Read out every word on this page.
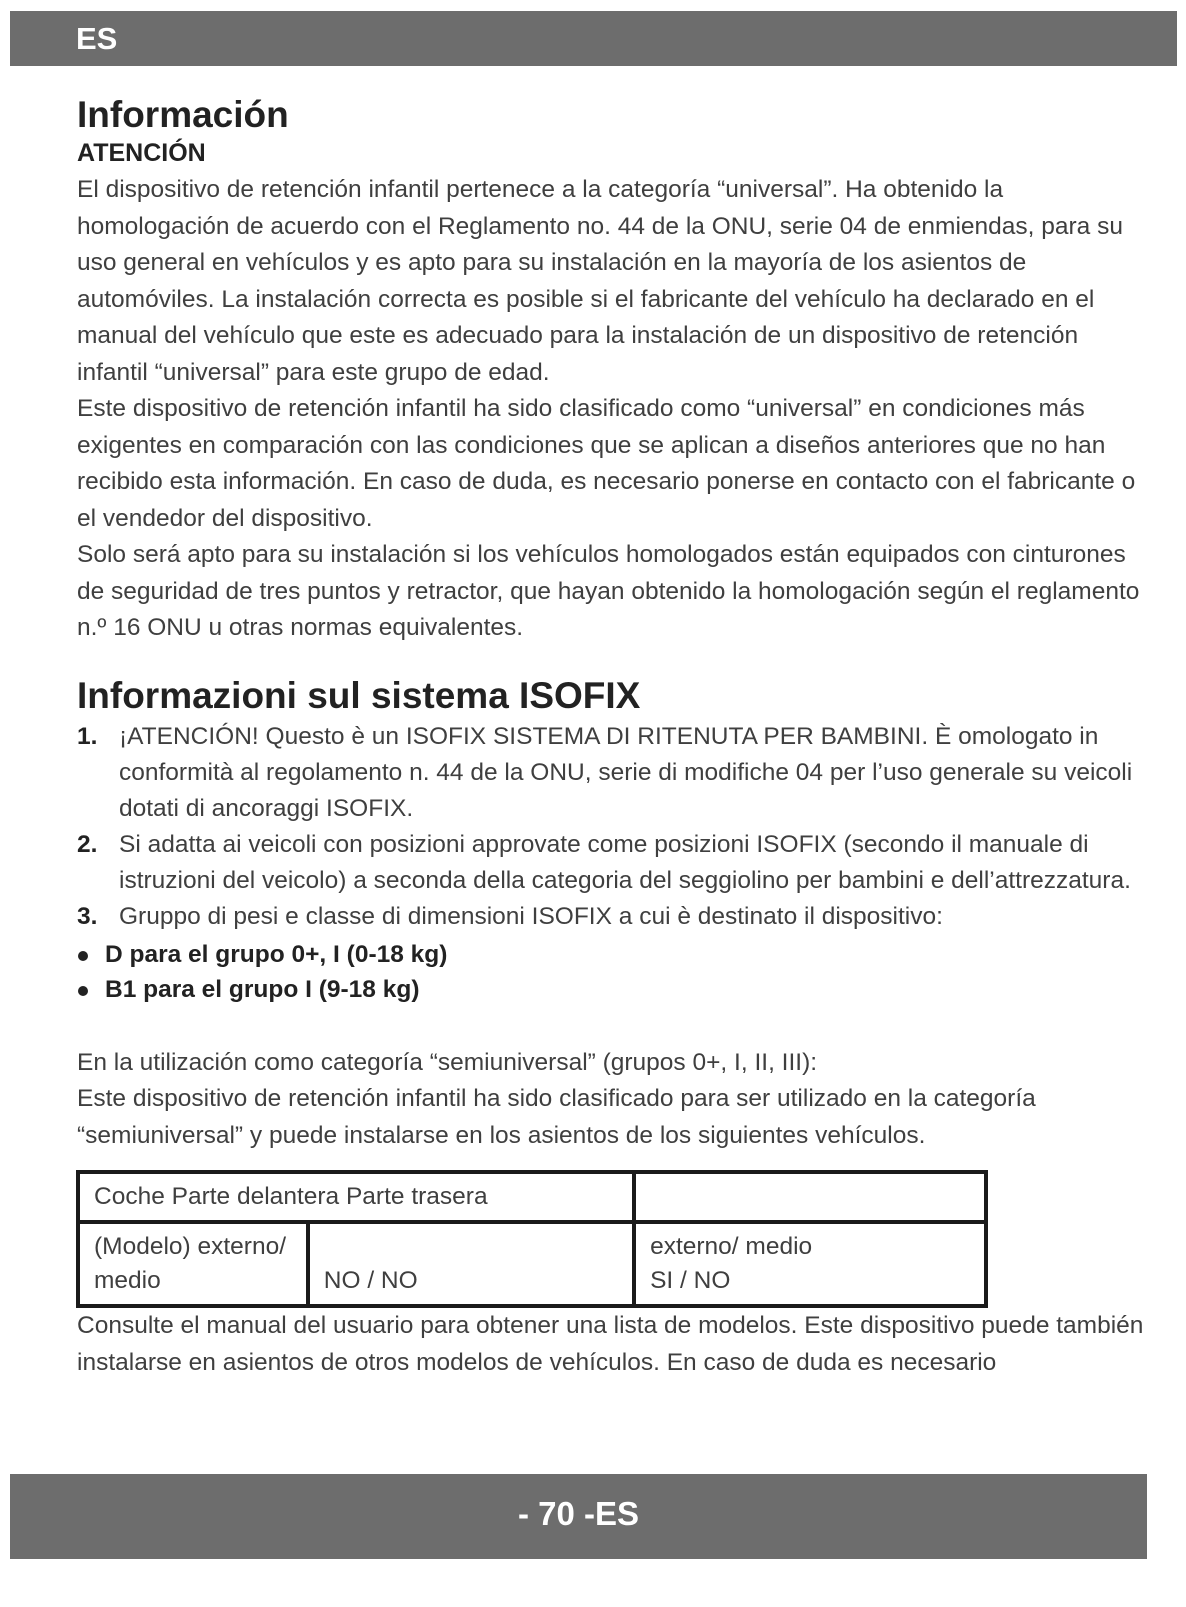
ES
Información
ATENCIÓN

El dispositivo de retención infantil pertenece a la categoría “universal”. Ha obtenido la homologación de acuerdo con el Reglamento no. 44 de la ONU, serie 04 de enmiendas, para su uso general en vehículos y es apto para su instalación en la mayoría de los asientos de automóviles. La instalación correcta es posible si el fabricante del vehículo ha declarado en el manual del vehículo que este es adecuado para la instalación de un dispositivo de retención infantil “universal” para este grupo de edad.

Este dispositivo de retención infantil ha sido clasificado como “universal” en condiciones más exigentes en comparación con las condiciones que se aplican a diseños anteriores que no han recibido esta información. En caso de duda, es necesario ponerse en contacto con el fabricante o el vendedor del dispositivo.

Solo será apto para su instalación si los vehículos homologados están equipados con cinturones de seguridad de tres puntos y retractor, que hayan obtenido la homologación según el reglamento n.º 16 ONU u otras normas equivalentes.

Informazioni sul sistema ISOFIX
1. ¡ATENCIÓN! Questo è un ISOFIX SISTEMA DI RITENUTA PER BAMBINI. È omologato in conformità al regolamento n. 44 de la ONU, serie di modifiche 04 per l’uso generale su veicoli dotati di ancoraggi ISOFIX.
2. Si adatta ai veicoli con posizioni approvate come posizioni ISOFIX (secondo il manuale di istruzioni del veicolo) a seconda della categoria del seggiolino per bambini e dell’attrezzatura.
3. Gruppo di pesi e classe di dimensioni ISOFIX a cui è destinato il dispositivo:
D para el grupo 0+, I (0-18 kg)
B1 para el grupo I (9-18 kg)

En la utilización como categoría “semiuniversal” (grupos 0+, I, II, III):

Este dispositivo de retención infantil ha sido clasificado para ser utilizado en la categoría “semiuniversal” y puede instalarse en los asientos de los siguientes vehículos.

Coche Parte delantera Parte trasera		
(Modelo) externo/ medio	NO / NO	externo/ medio
SI / NO

Consulte el manual del usuario para obtener una lista de modelos. Este dispositivo puede también instalarse en asientos de otros modelos de vehículos. En caso de duda es necesario

- 70 -ES
